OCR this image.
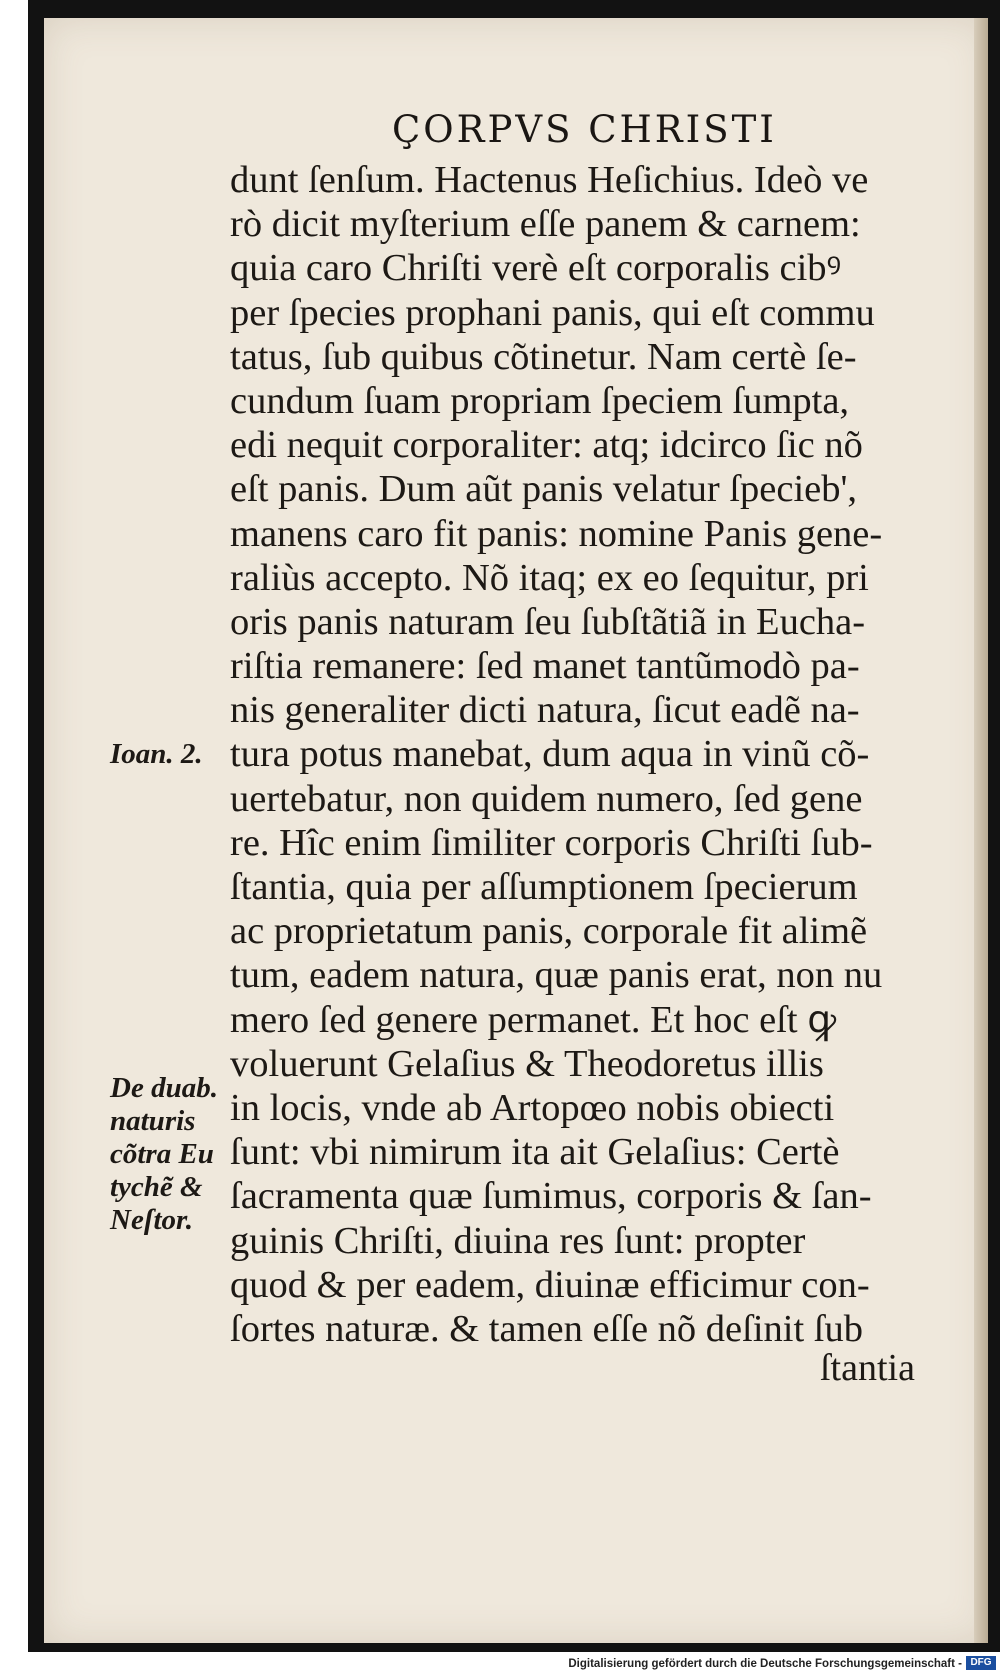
ÇORPVS CHRISTI
dunt ſenſum. Hactenus Heſichius. Ideò ve
rò dicit myſterium eſſe panem & carnem:
quia caro Chriſti verè eſt corporalis cibꝰ
per ſpecies prophani panis, qui eſt commu
tatus, ſub quibus cõtinetur. Nam certè ſe-
cundum ſuam propriam ſpeciem ſumpta,
edi nequit corporaliter: atq; idcirco ſic nõ
eſt panis. Dum aũt panis velatur ſpecieb',
manens caro fit panis: nomine Panis gene-
raliùs accepto. Nõ itaq; ex eo ſequitur, pri
oris panis naturam ſeu ſubſtãtiã in Eucha-
riſtia remanere: ſed manet tantũmodò pa-
nis generaliter dicti natura, ſicut eadẽ na-
tura potus manebat, dum aqua in vinũ cõ-
uertebatur, non quidem numero, ſed gene
re. Hîc enim ſimiliter corporis Chriſti ſub-
ſtantia, quia per aſſumptionem ſpecierum
ac proprietatum panis, corporale fit alimẽ
tum, eadem natura, quæ panis erat, non nu
mero ſed genere permanet. Et hoc eſt ꝙ
voluerunt Gelaſius & Theodoretus illis
in locis, vnde ab Artopœo nobis obiecti
ſunt: vbi nimirum ita ait Gelaſius: Certè
ſacramenta quæ ſumimus, corporis & ſan-
guinis Chriſti, diuina res ſunt: propter
quod & per eadem, diuinæ efficimur con-
ſortes naturæ. & tamen eſſe nõ deſinit ſub
ſtantia
Ioan. 2.
De duab.
naturis
cõtra Eu
tychẽ &
Neſtor.
Digitalisierung gefördert durch die Deutsche Forschungsgemeinschaft - DFG
